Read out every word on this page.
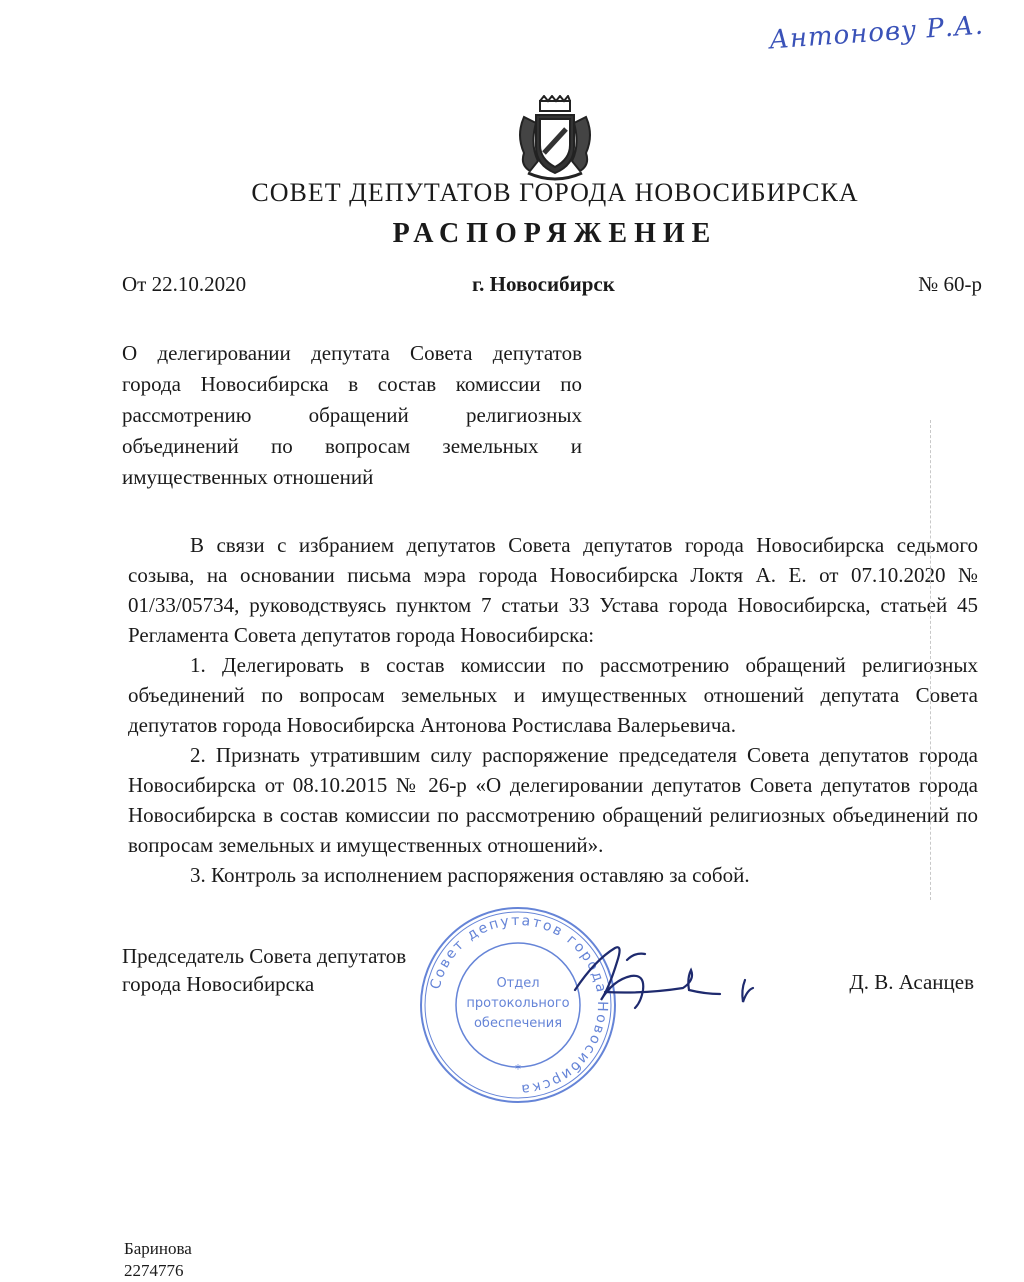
Антонову Р.А.
СОВЕТ ДЕПУТАТОВ ГОРОДА НОВОСИБИРСКА
РАСПОРЯЖЕНИЕ
От 22.10.2020	г. Новосибирск	№ 60-р
О делегировании депутата Совета депутатов города Новосибирска в состав комиссии по рассмотрению обращений религиозных объединений по вопросам земельных и имущественных отношений

В связи с избранием депутатов Совета депутатов города Новосибирска седьмого созыва, на основании письма мэра города Новосибирска Локтя А. Е. от 07.10.2020 № 01/33/05734, руководствуясь пунктом 7 статьи 33 Устава города Новосибирска, статьей 45 Регламента Совета депутатов города Новосибирска:

1. Делегировать в состав комиссии по рассмотрению обращений религиозных объединений по вопросам земельных и имущественных отношений депутата Совета депутатов города Новосибирска Антонова Ростислава Валерьевича.

2. Признать утратившим силу распоряжение председателя Совета депутатов города Новосибирска от 08.10.2015 № 26-р «О делегировании депутатов Совета депутатов города Новосибирска в состав комиссии по рассмотрению обращений религиозных объединений по вопросам земельных и имущественных отношений».

3. Контроль за исполнением распоряжения оставляю за собой.

Председатель Совета депутатов
города Новосибирска	Совет депутатов города Новосибирска
Отдел
протокольного
обеспечения
*
Д. В. Асанцев
Баринова
2274776
